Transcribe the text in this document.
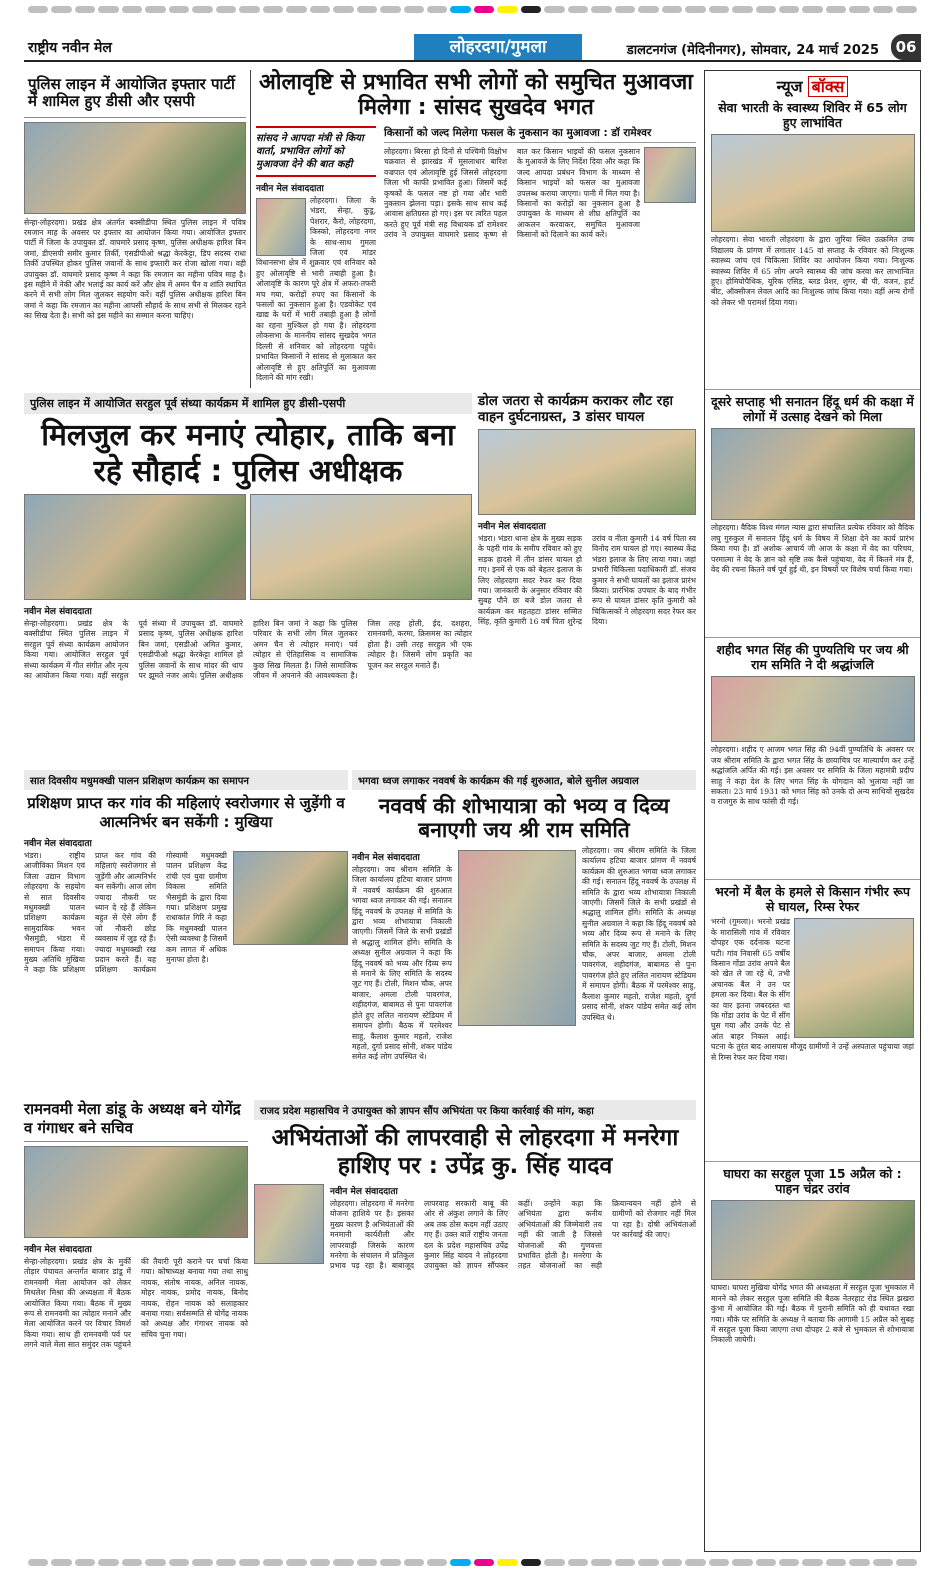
राष्ट्रीय नवीन मेल	लोहरदगा/गुमला	डालटनगंज (मेदिनीनगर), सोमवार, 24 मार्च 2025	06
पुलिस लाइन में आयोजित इफ्तार पार्टी में शामिल हुए डीसी और एसपी
सेन्हा-लोहरदगा। प्रखंड क्षेत्र अंतर्गत बक्सीडीपा स्थित पुलिस लाइन में पवित्र रमजान माह के अवसर पर इफ्तार का आयोजन किया गया। आयोजित इफ्तार पार्टी में जिला के उपायुक्त डॉ. वाघमारे प्रसाद कृष्ण, पुलिस अधीक्षक हारिश बिन जमां, डीएसपी समीर कुमार तिर्की, एसडीपीओ श्रद्धा केरकेट्टा, डिप सदस्य राधा तिर्की उपस्थित होकर पुलिस जवानों के साथ इफ्तारी कर रोजा खोला गया। वही उपायुक्त डॉ. वाघमारे प्रसाद कृष्ण ने कहा कि रमजान का महीना पवित्र माह है। इस महीने में नेकी और भलाई का कार्य करें और क्षेत्र में अमन चैन व शांति स्थापित करने में सभी लोग मिल जुलकर सहयोग करें। वहीं पुलिस अधीक्षक हारिश बिन जमां ने कहा कि रमजान का महीना आपसी सौहार्द के साथ सभी से मिलकर रहने का सिख देता है। सभी को इस महीने का सम्मान करना चाहिए।
ओलावृष्टि से प्रभावित सभी लोगों को समुचित मुआवजा मिलेगा : सांसद सुखदेव भगत
सांसद ने आपदा मंत्री से किया वार्ता, प्रभावित लोगों को मुआवजा देने की बात कही
नवीन मेल संवाददाता
लोहरदगा। जिला के भंडरा, सेन्हा, कुडू, पेशरार, कैरो, लोहरदगा, किस्को, लोहरदगा नगर के साथ-साथ गुमला जिला एवं मांडर विधानसभा क्षेत्र में शुक्रवार एवं शनिवार को हुए ओलावृष्टि से भारी तबाही हुआ है। ओलावृष्टि के कारण पूरे क्षेत्र में अफरा-तफरी मच गया, करोड़ों रुपए का किसानों के फसलों का नुकसान हुआ है। एडवोकेट एवं खाद्य के घरों में भारी तबाही हुआ है लोगों का रहना मुश्किल हो गया है। लोहरदगा लोकसभा के माननीय सांसद सुखदेव भगत दिल्ली से शनिवार को लोहरदगा पहुंचे। प्रभावित किसानों ने सांसद से मुलाकात कर ओलावृष्टि से हुए क्षतिपूर्ति का मुआवजा दिलाने की मांग रखी।
किसानों को जल्द मिलेगा फसल के नुकसान का मुआवजा : डॉ रामेश्वर
लोहरदगा। बिरसा हो दिनों से पश्चिमी विक्षोभ चक्रवात से झारखंड में मूसलाधार बारिश वज्रपात एवं ओलावृष्टि हुई जिससे लोहरदगा जिला भी काफी प्रभावित हुआ। जिसमें कई कृषकों के फसल नष्ट हो गया और भारी नुकसान झेलना पड़ा। इसके साथ साथ कई आवास क्षतिग्रस्त हो गए। इस पर त्वरित पहल करते हुए पूर्व मंत्री सह विधायक डॉ रामेश्वर उरांव ने उपायुक्त वाघमारे प्रसाद कृष्ण से बात कर किसान भाइयों की फसल नुकसान के मुआवजे के लिए निर्देश दिया और कहा कि जल्द आपदा प्रबंधन विभाग के माध्यम से किसान भाइयों को फसल का मुआवजा उपलब्ध कराया जाएगा। पानी में मिल गया है। किसानों का करोड़ों का नुकसान हुआ है उपायुक्त के माध्यम से शीघ्र क्षतिपूर्ति का आकलन करवाकर, समुचित मुआवजा किसानों को दिलाने का कार्य करें।
पुलिस लाइन में आयोजित सरहुल पूर्व संध्या कार्यक्रम में शामिल हुए डीसी-एसपी
मिलजुल कर मनाएं त्योहार, ताकि बना रहे सौहार्द : पुलिस अधीक्षक
नवीन मेल संवाददाता
सेन्हा-लोहरदगा। प्रखंड क्षेत्र के बक्सीडीपा स्थित पुलिस लाइन में सरहुल पूर्व संध्या कार्यक्रम आयोजन किया गया। आयोजित सरहुल पूर्व संध्या कार्यक्रम में गीत संगीत और नृत्य का आयोजन किया गया। वहीं सरहुल पूर्व संध्या में उपायुक्त डॉ. वाघमारे प्रसाद कृष्ण, पुलिस अधीक्षक हारिश बिन जमां, एसडीओ अमित कुमार, एसडीपीओ श्रद्धा केरकेट्टा शामिल हो पुलिस जवानों के साथ मांदर की थाप पर झूमते नजर आये। पुलिस अधीक्षक हारिश बिन जमां ने कहा कि पुलिस परिवार के सभी लोग मिल जुलकर अमन चैन से त्योहार मनाएं। पर्व त्योहार से ऐतिहासिक व सामाजिक कुछ सिख मिलता है। जिसे सामाजिक जीवन में अपनाने की आवश्यकता है। जिस तरह होली, ईद, दशहरा, रामनवमी, करमा, क्रिसमस का त्योहार होता है। उसी तरह सरहुल भी एक त्योहार है। जिसमें लोग प्रकृति का पूजन कर सरहुल मनाते हैं।
डोल जतरा से कार्यक्रम कराकर लौट रहा वाहन दुर्घटनाग्रस्त, 3 डांसर घायल
नवीन मेल संवाददाता
भंडरा। भंडरा थाना क्षेत्र के मुख्य सड़क के पहरी गांव के समीप रविवार को हुए सड़क हादसे में तीन डांसर घायल हो गए। इनमें से एक को बेहतर इलाज के लिए लोहरदगा सदर रेफर कर दिया गया। जानकारी के अनुसार रविवार की सुबह पौने छः बजे डोल जतरा से कार्यक्रम कर महतहटा डांसर सम्मित सिंह, कृति कुमारी 16 वर्ष पिता शुरेन्द्र उरांव व नीता कुमारी 14 वर्ष पिता स्व विनोद राम घायल हो गए। स्वास्थ्य केंद्र भंडरा इलाज के लिए लाया गया। जहां प्रभारी चिकित्सा पदाधिकारी डॉ. संजय कुमार ने सभी घायलों का इलाज प्रारंभ किया। प्रारंभिक उपचार के बाद गंभीर रूप से घायल डांसर कृति कुमारी को चिकित्सकों ने लोहरदगा सदर रेफर कर दिया।
सात दिवसीय मधुमक्खी पालन प्रशिक्षण कार्यक्रम का समापन
प्रशिक्षण प्राप्त कर गांव की महिलाएं स्वरोजगार से जुड़ेंगी व आत्मनिर्भर बन सकेंगी : मुखिया
नवीन मेल संवाददाता
भंडरा। राष्ट्रीय आजीविका मिशन एवं जिला उद्यान विभाग लोहरदगा के सहयोग से सात दिवसीय मधुमक्खी पालन प्रशिक्षण कार्यक्रम सामुदायिक भवन भैसमुंडी, भंडरा में समापन किया गया। मुख्य अतिथि मुखिया ने कहा कि प्रशिक्षण प्राप्त कर गांव की महिलाएं स्वरोजगार से जुड़ेंगी और आत्मनिर्भर बन सकेंगी। आज लोग ज्यादा नौकरी पर ध्यान दे रहे हैं लेकिन बहुत से ऐसे लोग हैं जो नौकरी छोड़ व्यवसाय में जुड़ रहे हैं। ज्यादा मधुमक्खी रख प्रदान करते हैं। यह प्रशिक्षण कार्यक्रम गोस्वामी मधुमक्खी पालन प्रशिक्षण केंद्र रांची एवं युवा ग्रामीण विकास समिति भैसमुंडी के द्वारा दिया गया। प्रशिक्षण प्रमुख राधाकांत गिरि ने कहा कि मधुमक्खी पालन ऐसी व्यवस्था है जिसमें कम लागत में अधिक मुनाफा होता है।
भगवा ध्वज लगाकर नववर्ष के कार्यक्रम की गई शुरुआत, बोले सुनील अग्रवाल
नववर्ष की शोभायात्रा को भव्य व दिव्य बनाएगी जय श्री राम समिति
नवीन मेल संवाददाता
लोहरदगा। जय श्रीराम समिति के जिला कार्यालय हटिया बाजार प्रांगण में नववर्ष कार्यक्रम की शुरुआत भगवा ध्वज लगाकर की गई। सनातन हिंदू नववर्ष के उपलक्ष में समिति के द्वारा भव्य शोभायात्रा निकाली जाएगी। जिसमें जिले के सभी प्रखंडों से श्रद्धालु शामिल होंगे। समिति के अध्यक्ष सुनील अग्रवाल ने कहा कि हिंदू नववर्ष को भव्य और दिव्य रूप से मनाने के लिए समिति के सदस्य जुट गए हैं। टोली, मिशन चौक, अपर बाजार, अमला टोली पावरगंज, शहीदगंज, बाबामठ से पुनः पावरगंज होते हुए ललित नारायण स्टेडियम में समापन होगी। बैठक में परमेश्वर साहु, कैलाश कुमार महतो, राजेश महतो, दुर्गा प्रसाद सोनी, शंकर पांडेय समेत कई लोग उपस्थित थे।
लोहरदगा। जय श्रीराम समिति के जिला कार्यालय हटिया बाजार प्रांगण में नववर्ष कार्यक्रम की शुरुआत भगवा ध्वज लगाकर की गई। सनातन हिंदू नववर्ष के उपलक्ष में समिति के द्वारा भव्य शोभायात्रा निकाली जाएगी। जिसमें जिले के सभी प्रखंडों से श्रद्धालु शामिल होंगे। समिति के अध्यक्ष सुनील अग्रवाल ने कहा कि हिंदू नववर्ष को भव्य और दिव्य रूप से मनाने के लिए समिति के सदस्य जुट गए हैं। टोली, मिशन चौक, अपर बाजार, अमला टोली पावरगंज, शहीदगंज, बाबामठ से पुनः पावरगंज होते हुए ललित नारायण स्टेडियम में समापन होगी। बैठक में परमेश्वर साहु, कैलाश कुमार महतो, राजेश महतो, दुर्गा प्रसाद सोनी, शंकर पांडेय समेत कई लोग उपस्थित थे।
रामनवमी मेला डांडू के अध्यक्ष बने योगेंद्र व गंगाधर बने सचिव
नवीन मेल संवाददाता
सेन्हा-लोहरदगा। प्रखंड क्षेत्र के मुर्की तोड़ार पंचायत अन्तर्गत बाजार डांडू में रामनवमी मेला आयोजन को लेकर मिथलेश मिश्रा की अध्यक्षता में बैठक आयोजित किया गया। बैठक में मुख्य रूप से रामनवमी का त्योहार मनाने और मेला आयोजित करने पर विचार विमर्श किया गया। साथ ही रामनवमी पर्व पर लगने वाले मेला सात समुंदर तक पहुंचने की तैयारी पूरी कराने पर चर्चा किया गया। कोषाध्यक्ष बनाया गया तथा साधु नायक, संतोष नायक, अनिल नायक, मोहर नायक, प्रमोद नायक, बिनोद नायक, रोहन नायक को सलाहकार बनाया गया। सर्वसम्मति से योगेंद्र नायक को अध्यक्ष और गंगाधर नायक को सचिव चुना गया।
राजद प्रदेश महासचिव ने उपायुक्त को ज्ञापन सौंप अभियंता पर किया कार्रवाई की मांग, कहा
अभियंताओं की लापरवाही से लोहरदगा में मनरेगा हाशिए पर : उपेंद्र कु. सिंह यादव
नवीन मेल संवाददाता
लोहरदगा। लोहरदगा में मनरेगा योजना हाशिये पर है। इसका मुख्य कारण है अभियंताओं की मनमानी कार्यशैली और लापरवाही जिसके कारण मनरेगा के संचालन में प्रतिकूल प्रभाव पड़ रहा है। बाबाजूद लापरवाह सरकारी बाबू की ओर से अंकुश लगाने के लिए अब तक ठोस कदम नहीं उठाए गए हैं। उक्त बातें राष्ट्रीय जनता दल के प्रदेश महासचिव उपेंद्र कुमार सिंह यादव ने लोहरदगा उपायुक्त को ज्ञापन सौंपकर कहीं। उन्होंने कहा कि अभियंता द्वारा कनीय अभियंताओं की जिम्मेवारी तय नहीं की जाती है जिससे योजनाओं की गुणवत्ता प्रभावित होती है। मनरेगा के तहत योजनाओं का सही क्रियान्वयन नहीं होने से ग्रामीणों को रोजगार नहीं मिल पा रहा है। दोषी अभियंताओं पर कार्रवाई की जाए।
न्यूज बॉक्स
सेवा भारती के स्वास्थ्य शिविर में 65 लोग हुए लाभांवित
लोहरदगा। सेवा भारती लोहरदगा के द्वारा जुरिया स्थित उत्क्रमित उच्च विद्यालय के प्रांगण में लगातार 145 वां सप्ताह के रविवार को निःशुल्क स्वास्थ्य जांच एवं चिकित्सा शिविर का आयोजन किया गया। निःशुल्क स्वास्थ्य शिविर में 65 लोग अपने स्वास्थ्य की जांच करवा कर लाभान्वित हुए। होमियोपैथिक, यूरिक एसिड, ब्लड प्रेशर, शुगर, बी पी, वजन, हार्ट बीट, ऑक्सीजन लेवल आदि का निःशुल्क जांच किया गया। वहीं अन्य रोगों को लेकर भी परामर्श दिया गया।
दूसरे सप्ताह भी सनातन हिंदू धर्म की कक्षा में लोगों में उत्साह देखने को मिला
लोहरदगा। वैदिक विश्व मंगल न्यास द्वारा संचालित प्रत्येक रविवार को वैदिक लघु गुरुकुल में सनातन हिंदू धर्म के विषय में शिक्षा देने का कार्य प्रारंभ किया गया है। डॉ अशोक आचार्य जी आज के कक्षा में वेद का परिचय, परमात्मा ने वेद के ज्ञान को सृष्टि तक कैसे पहुंचाया, वेद में कितने मंत्र हैं, वेद की रचना कितने वर्ष पूर्व हुई थी, इन विषयों पर विशेष चर्चा किया गया।
शहीद भगत सिंह की पुण्यतिथि पर जय श्री राम समिति ने दी श्रद्धांजलि
लोहरदगा। शहीद ए आजम भगत सिंह की 94वीं पुण्यतिथि के अवसर पर जय श्रीराम समिति के द्वारा भगत सिंह के छायाचित्र पर माल्यार्पण कर उन्हें श्रद्धांजलि अर्पित की गई। इस अवसर पर समिति के जिला महामंत्री प्रदीप साहु ने कहा देश के लिए भगत सिंह के योगदान को भुलाया नहीं जा सकता। 23 मार्च 1931 को भगत सिंह को उनके दो अन्य साथियों सुखदेव व राजगुरु के साथ फांसी दी गई।
भरनो में बैल के हमले से किसान गंभीर रूप से घायल, रिम्स रेफर
भरनो (गुमला)। भरनो प्रखंड के मारासिली गांव में रविवार दोपहर एक दर्दनाक घटना घटी। गांव निवासी 65 वर्षीय किसान गोंडा उरांव अपने बैल को खेत ले जा रहे थे, तभी अचानक बैल ने उन पर हमला कर दिया। बैल के सींग का वार इतना जबरदस्त था कि गोंडा उरांव के पेट में सींग घुस गया और उनके पेट से आंत बाहर निकल आई। घटना के तुरंत बाद आसपास मौजूद ग्रामीणों ने उन्हें अस्पताल पहुंचाया जहां से रिम्स रेफर कर दिया गया।
घाघरा का सरहुल पूजा 15 अप्रैल को : पाहन चंद्रर उरांव
घाघरा। घाघरा मुखिया योगेंद्र भगत की अध्यक्षता में सरहुल पूजा भुमकाल में मानने को लेकर सरहुल पूजा समिति की बैठक नेतरहाट रोड स्थित झखरा कुंभा में आयोजित की गई। बैठक में पुरानी समिति को ही यथावत रखा गया। मौके पर समिति के अध्यक्ष ने बताया कि आगामी 15 अप्रैल को सुबह में सरहुल पूजा किया जाएगा तथा दोपहर 2 बजे से भुमकाल से शोभायात्रा निकाली जायेगी।
